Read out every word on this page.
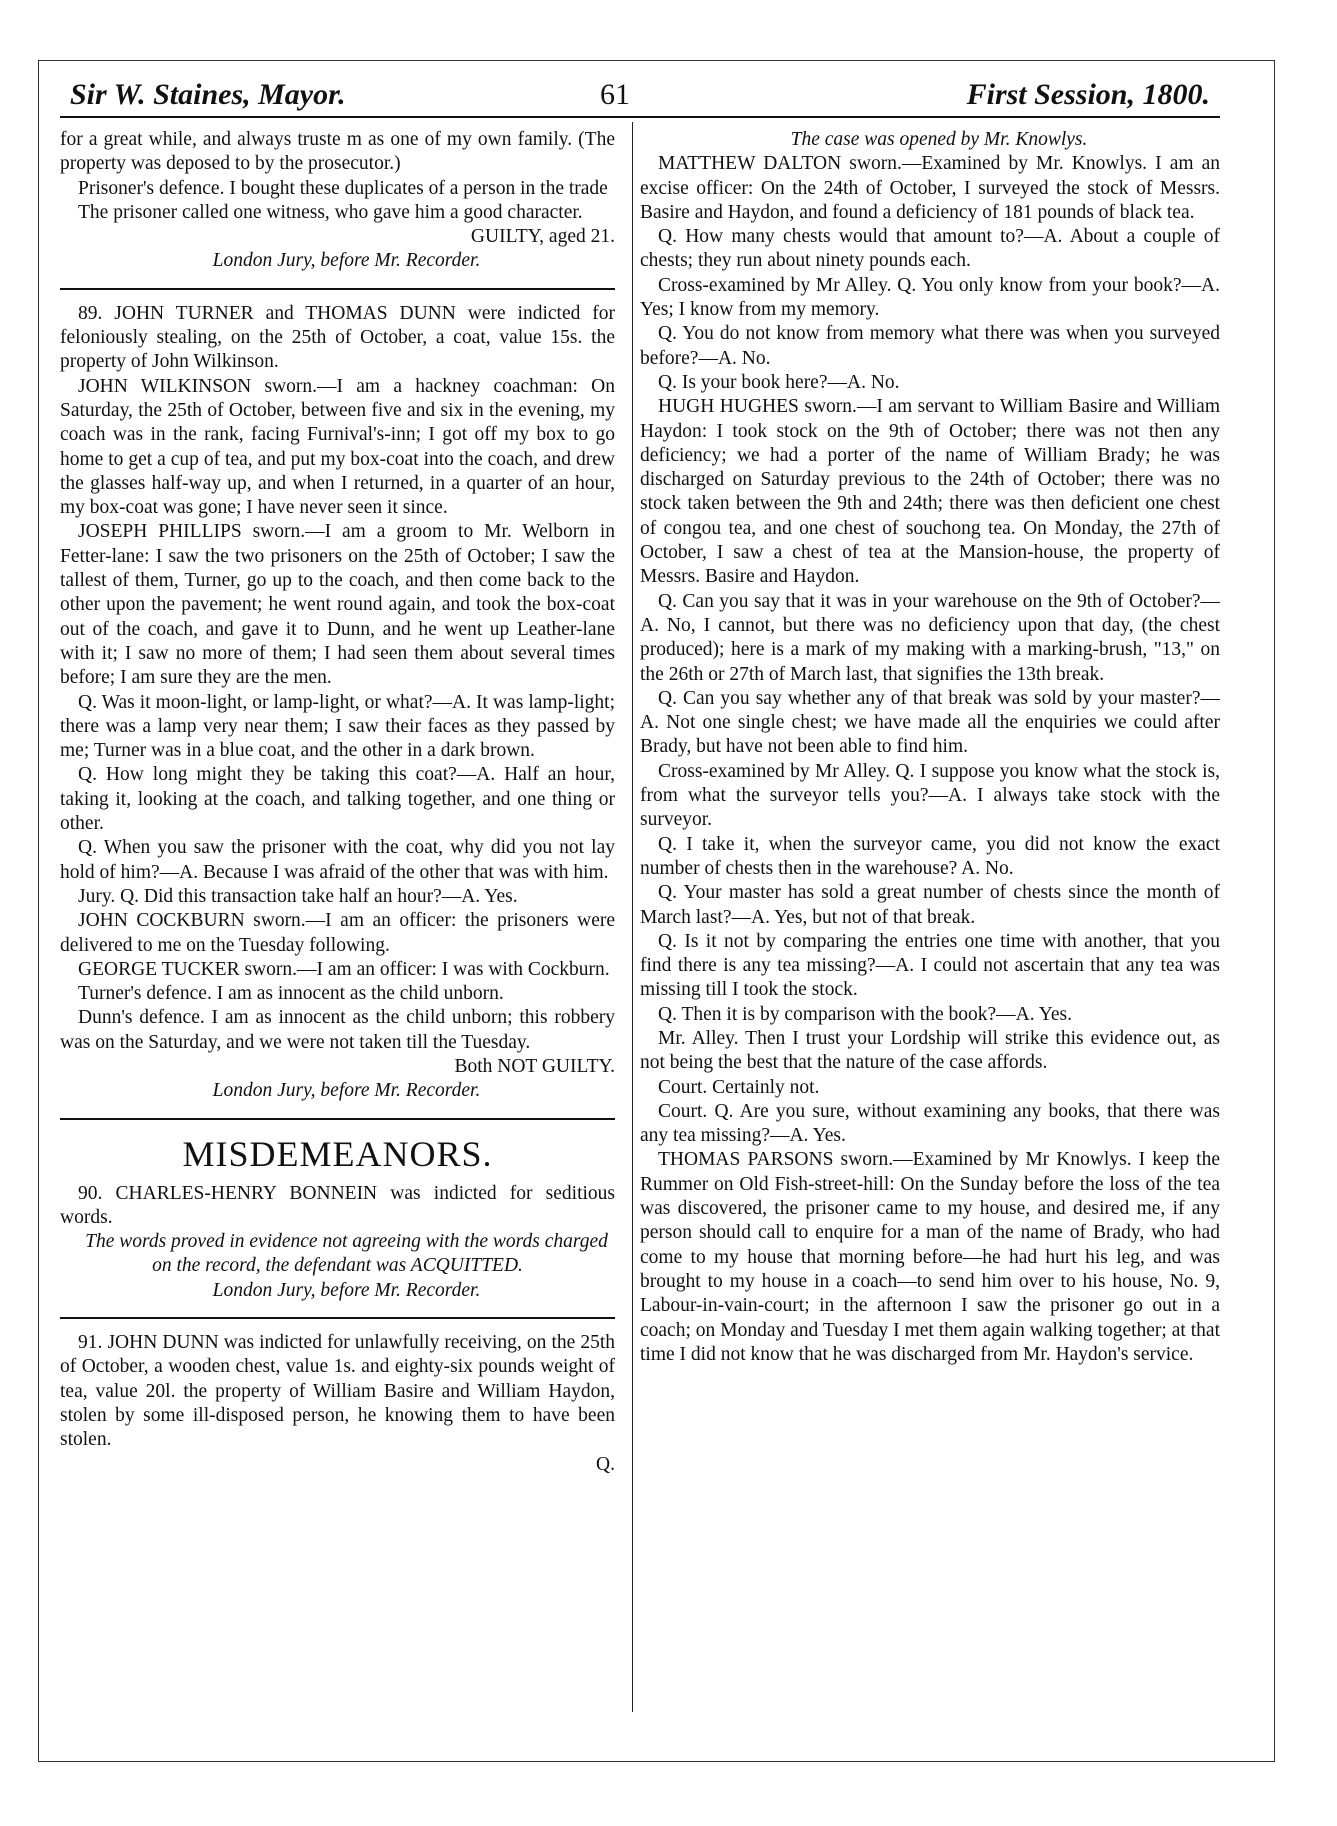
Sir W. Staines, Mayor.	61	First Session, 1800.

for a great while, and always truste m as one of my own family. (The property was deposed to by the prosecutor.)

Prisoner's defence. I bought these duplicates of a person in the trade

The prisoner called one witness, who gave him a good character.

GUILTY, aged 21.

London Jury, before Mr. Recorder.

89. JOHN TURNER and THOMAS DUNN were indicted for feloniously stealing, on the 25th of October, a coat, value 15s. the property of John Wilkinson.

JOHN WILKINSON sworn.—I am a hackney coachman: On Saturday, the 25th of October, between five and six in the evening, my coach was in the rank, facing Furnival's-inn; I got off my box to go home to get a cup of tea, and put my box-coat into the coach, and drew the glasses half-way up, and when I returned, in a quarter of an hour, my box-coat was gone; I have never seen it since.

JOSEPH PHILLIPS sworn.—I am a groom to Mr. Welborn in Fetter-lane: I saw the two prisoners on the 25th of October; I saw the tallest of them, Turner, go up to the coach, and then come back to the other upon the pavement; he went round again, and took the box-coat out of the coach, and gave it to Dunn, and he went up Leather-lane with it; I saw no more of them; I had seen them about several times before; I am sure they are the men.

Q. Was it moon-light, or lamp-light, or what?—A. It was lamp-light; there was a lamp very near them; I saw their faces as they passed by me; Turner was in a blue coat, and the other in a dark brown.

Q. How long might they be taking this coat?—A. Half an hour, taking it, looking at the coach, and talking together, and one thing or other.

Q. When you saw the prisoner with the coat, why did you not lay hold of him?—A. Because I was afraid of the other that was with him.

Jury. Q. Did this transaction take half an hour?—A. Yes.

JOHN COCKBURN sworn.—I am an officer: the prisoners were delivered to me on the Tuesday following.

GEORGE TUCKER sworn.—I am an officer: I was with Cockburn.

Turner's defence. I am as innocent as the child unborn.

Dunn's defence. I am as innocent as the child unborn; this robbery was on the Saturday, and we were not taken till the Tuesday.

Both NOT GUILTY.

London Jury, before Mr. Recorder.

MISDEMEANORS.

90. CHARLES-HENRY BONNEIN was indicted for seditious words.

The words proved in evidence not agreeing with the words charged on the record, the defendant was ACQUITTED.

London Jury, before Mr. Recorder.

91. JOHN DUNN was indicted for unlawfully receiving, on the 25th of October, a wooden chest, value 1s. and eighty-six pounds weight of tea, value 20l. the property of William Basire and William Haydon, stolen by some ill-disposed person, he knowing them to have been stolen.

Q.

The case was opened by Mr. Knowlys.

MATTHEW DALTON sworn.—Examined by Mr. Knowlys. I am an excise officer: On the 24th of October, I surveyed the stock of Messrs. Basire and Haydon, and found a deficiency of 181 pounds of black tea.

Q. How many chests would that amount to?—A. About a couple of chests; they run about ninety pounds each.

Cross-examined by Mr Alley. Q. You only know from your book?—A. Yes; I know from my memory.

Q. You do not know from memory what there was when you surveyed before?—A. No.

Q. Is your book here?—A. No.

HUGH HUGHES sworn.—I am servant to William Basire and William Haydon: I took stock on the 9th of October; there was not then any deficiency; we had a porter of the name of William Brady; he was discharged on Saturday previous to the 24th of October; there was no stock taken between the 9th and 24th; there was then deficient one chest of congou tea, and one chest of souchong tea. On Monday, the 27th of October, I saw a chest of tea at the Mansion-house, the property of Messrs. Basire and Haydon.

Q. Can you say that it was in your warehouse on the 9th of October?—A. No, I cannot, but there was no deficiency upon that day, (the chest produced); here is a mark of my making with a marking-brush, "13," on the 26th or 27th of March last, that signifies the 13th break.

Q. Can you say whether any of that break was sold by your master?—A. Not one single chest; we have made all the enquiries we could after Brady, but have not been able to find him.

Cross-examined by Mr Alley. Q. I suppose you know what the stock is, from what the surveyor tells you?—A. I always take stock with the surveyor.

Q. I take it, when the surveyor came, you did not know the exact number of chests then in the warehouse? A. No.

Q. Your master has sold a great number of chests since the month of March last?—A. Yes, but not of that break.

Q. Is it not by comparing the entries one time with another, that you find there is any tea missing?—A. I could not ascertain that any tea was missing till I took the stock.

Q. Then it is by comparison with the book?—A. Yes.

Mr. Alley. Then I trust your Lordship will strike this evidence out, as not being the best that the nature of the case affords.

Court. Certainly not.

Court. Q. Are you sure, without examining any books, that there was any tea missing?—A. Yes.

THOMAS PARSONS sworn.—Examined by Mr Knowlys. I keep the Rummer on Old Fish-street-hill: On the Sunday before the loss of the tea was discovered, the prisoner came to my house, and desired me, if any person should call to enquire for a man of the name of Brady, who had come to my house that morning before—he had hurt his leg, and was brought to my house in a coach—to send him over to his house, No. 9, Labour-in-vain-court; in the afternoon I saw the prisoner go out in a coach; on Monday and Tuesday I met them again walking together; at that time I did not know that he was discharged from Mr. Haydon's service.
